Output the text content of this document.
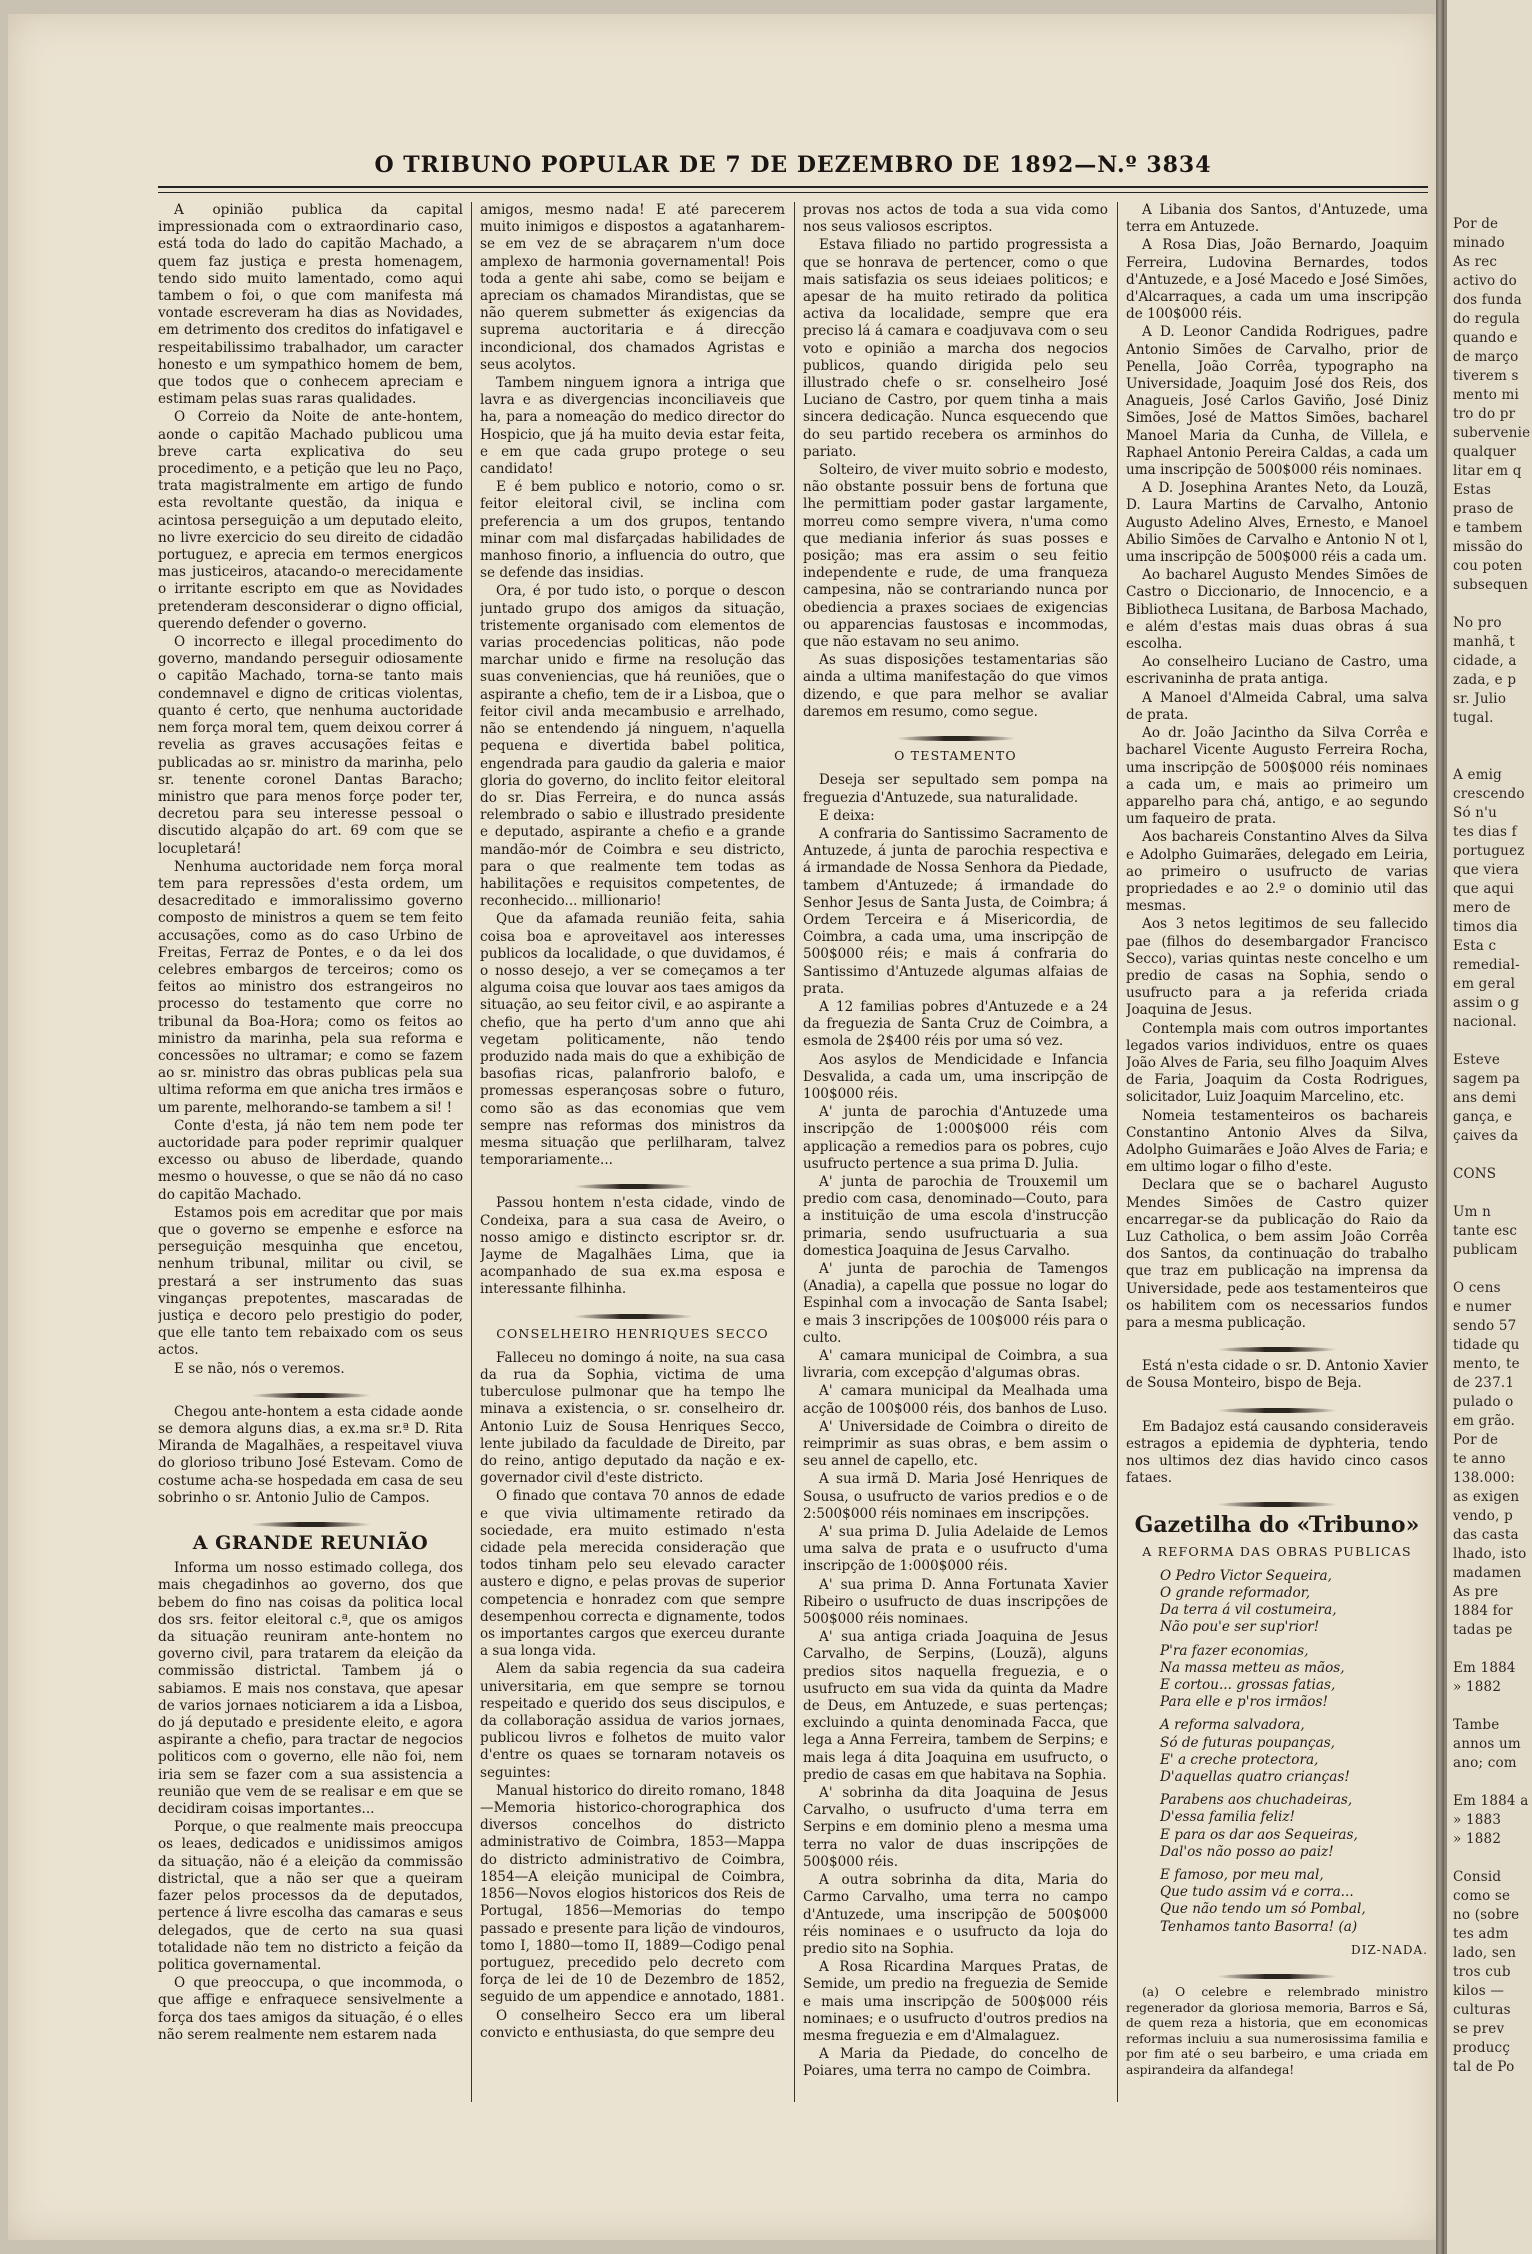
O TRIBUNO POPULAR DE 7 DE DEZEMBRO DE 1892—N.º 3834

A opinião publica da capital impressionada com o extraordinario caso, está toda do lado do capitão Machado, a quem faz justiça e presta homenagem, tendo sido muito lamentado, como aqui tambem o foi, o que com manifesta má vontade escreveram ha dias as Novidades, em detrimento dos creditos do infatigavel e respeitabilissimo trabalhador, um caracter honesto e um sympathico homem de bem, que todos que o conhecem apreciam e estimam pelas suas raras qualidades.

O Correio da Noite de ante-hontem, aonde o capitão Machado publicou uma breve carta explicativa do seu procedimento, e a petição que leu no Paço, trata magistralmente em artigo de fundo esta revoltante questão, da iniqua e acintosa perseguição a um deputado eleito, no livre exercicio do seu direito de cidadão portuguez, e aprecia em termos energicos mas justiceiros, atacando-o merecidamente o irritante escripto em que as Novidades pretenderam desconsiderar o digno official, querendo defender o governo.

O incorrecto e illegal procedimento do governo, mandando perseguir odiosamente o capitão Machado, torna-se tanto mais condemnavel e digno de criticas violentas, quanto é certo, que nenhuma auctoridade nem força moral tem, quem deixou correr á revelia as graves accusações feitas e publicadas ao sr. ministro da marinha, pelo sr. tenente coronel Dantas Baracho; ministro que para menos forçe poder ter, decretou para seu interesse pessoal o discutido alçapão do art. 69 com que se locupletará!

Nenhuma auctoridade nem força moral tem para repressões d'esta ordem, um desacreditado e immoralissimo governo composto de ministros a quem se tem feito accusações, como as do caso Urbino de Freitas, Ferraz de Pontes, e o da lei dos celebres embargos de terceiros; como os feitos ao ministro dos estrangeiros no processo do testamento que corre no tribunal da Boa-Hora; como os feitos ao ministro da marinha, pela sua reforma e concessões no ultramar; e como se fazem ao sr. ministro das obras publicas pela sua ultima reforma em que anicha tres irmãos e um parente, melhorando-se tambem a si! !

Conte d'esta, já não tem nem pode ter auctoridade para poder reprimir qualquer excesso ou abuso de liberdade, quando mesmo o houvesse, o que se não dá no caso do capitão Machado.

Estamos pois em acreditar que por mais que o governo se empenhe e esforce na perseguição mesquinha que encetou, nenhum tribunal, militar ou civil, se prestará a ser instrumento das suas vinganças prepotentes, mascaradas de justiça e decoro pelo prestigio do poder, que elle tanto tem rebaixado com os seus actos.

E se não, nós o veremos.

Chegou ante-hontem a esta cidade aonde se demora alguns dias, a ex.ma sr.ª D. Rita Miranda de Magalhães, a respeitavel viuva do glorioso tribuno José Estevam. Como de costume acha-se hospedada em casa de seu sobrinho o sr. Antonio Julio de Campos.

A GRANDE REUNIÃO

Informa um nosso estimado collega, dos mais chegadinhos ao governo, dos que bebem do fino nas coisas da politica local dos srs. feitor eleitoral c.ª, que os amigos da situação reuniram ante-hontem no governo civil, para tratarem da eleição da commissão districtal. Tambem já o sabiamos. E mais nos constava, que apesar de varios jornaes noticiarem a ida a Lisboa, do já deputado e presidente eleito, e agora aspirante a chefio, para tractar de negocios politicos com o governo, elle não foi, nem iria sem se fazer com a sua assistencia a reunião que vem de se realisar e em que se decidiram coisas importantes...

Porque, o que realmente mais preoccupa os leaes, dedicados e unidissimos amigos da situação, não é a eleição da commissão districtal, que a não ser que a queiram fazer pelos processos da de deputados, pertence á livre escolha das camaras e seus delegados, que de certo na sua quasi totalidade não tem no districto a feição da politica governamental.

O que preoccupa, o que incommoda, o que affige e enfraquece sensivelmente a força dos taes amigos da situação, é o elles não serem realmente nem estarem nada

amigos, mesmo nada! E até parecerem muito inimigos e dispostos a agatanharem-se em vez de se abraçarem n'um doce amplexo de harmonia governamental! Pois toda a gente ahi sabe, como se beijam e apreciam os chamados Mirandistas, que se não querem submetter ás exigencias da suprema auctoritaria e á direcção incondicional, dos chamados Agristas e seus acolytos.

Tambem ninguem ignora a intriga que lavra e as divergencias inconciliaveis que ha, para a nomeação do medico director do Hospicio, que já ha muito devia estar feita, e em que cada grupo protege o seu candidato!

E é bem publico e notorio, como o sr. feitor eleitoral civil, se inclina com preferencia a um dos grupos, tentando minar com mal disfarçadas habilidades de manhoso finorio, a influencia do outro, que se defende das insidias.

Ora, é por tudo isto, o porque o descon juntado grupo dos amigos da situação, tristemente organisado com elementos de varias procedencias politicas, não pode marchar unido e firme na resolução das suas conveniencias, que há reuniões, que o aspirante a chefio, tem de ir a Lisboa, que o feitor civil anda mecambusio e arrelhado, não se entendendo já ninguem, n'aquella pequena e divertida babel politica, engendrada para gaudio da galeria e maior gloria do governo, do inclito feitor eleitoral do sr. Dias Ferreira, e do nunca assás relembrado o sabio e illustrado presidente e deputado, aspirante a chefio e a grande mandão-mór de Coimbra e seu districto, para o que realmente tem todas as habilitações e requisitos competentes, de reconhecido... millionario!

Que da afamada reunião feita, sahia coisa boa e aproveitavel aos interesses publicos da localidade, o que duvidamos, é o nosso desejo, a ver se começamos a ter alguma coisa que louvar aos taes amigos da situação, ao seu feitor civil, e ao aspirante a chefio, que ha perto d'um anno que ahi vegetam politicamente, não tendo produzido nada mais do que a exhibição de basofias ricas, palanfrorio balofo, e promessas esperançosas sobre o futuro, como são as das economias que vem sempre nas reformas dos ministros da mesma situação que perlilharam, talvez temporariamente...

Passou hontem n'esta cidade, vindo de Condeixa, para a sua casa de Aveiro, o nosso amigo e distincto escriptor sr. dr. Jayme de Magalhães Lima, que ia acompanhado de sua ex.ma esposa e interessante filhinha.

CONSELHEIRO HENRIQUES SECCO

Falleceu no domingo á noite, na sua casa da rua da Sophia, victima de uma tuberculose pulmonar que ha tempo lhe minava a existencia, o sr. conselheiro dr. Antonio Luiz de Sousa Henriques Secco, lente jubilado da faculdade de Direito, par do reino, antigo deputado da nação e ex-governador civil d'este districto.

O finado que contava 70 annos de edade e que vivia ultimamente retirado da sociedade, era muito estimado n'esta cidade pela merecida consideração que todos tinham pelo seu elevado caracter austero e digno, e pelas provas de superior competencia e honradez com que sempre desempenhou correcta e dignamente, todos os importantes cargos que exerceu durante a sua longa vida.

Alem da sabia regencia da sua cadeira universitaria, em que sempre se tornou respeitado e querido dos seus discipulos, e da collaboração assidua de varios jornaes, publicou livros e folhetos de muito valor d'entre os quaes se tornaram notaveis os seguintes:

Manual historico do direito romano, 1848—Memoria historico-chorographica dos diversos concelhos do districto administrativo de Coimbra, 1853—Mappa do districto administrativo de Coimbra, 1854—A eleição municipal de Coimbra, 1856—Novos elogios historicos dos Reis de Portugal, 1856—Memorias do tempo passado e presente para lição de vindouros, tomo I, 1880—tomo II, 1889—Codigo penal portuguez, precedido pelo decreto com força de lei de 10 de Dezembro de 1852, seguido de um appendice e annotado, 1881.

O conselheiro Secco era um liberal convicto e enthusiasta, do que sempre deu

provas nos actos de toda a sua vida como nos seus valiosos escriptos.

Estava filiado no partido progressista a que se honrava de pertencer, como o que mais satisfazia os seus ideiaes politicos; e apesar de ha muito retirado da politica activa da localidade, sempre que era preciso lá á camara e coadjuvava com o seu voto e opinião a marcha dos negocios publicos, quando dirigida pelo seu illustrado chefe o sr. conselheiro José Luciano de Castro, por quem tinha a mais sincera dedicação. Nunca esquecendo que do seu partido recebera os arminhos do pariato.

Solteiro, de viver muito sobrio e modesto, não obstante possuir bens de fortuna que lhe permittiam poder gastar largamente, morreu como sempre vivera, n'uma como que mediania inferior ás suas posses e posição; mas era assim o seu feitio independente e rude, de uma franqueza campesina, não se contrariando nunca por obediencia a praxes sociaes de exigencias ou apparencias faustosas e incommodas, que não estavam no seu animo.

As suas disposições testamentarias são ainda a ultima manifestação do que vimos dizendo, e que para melhor se avaliar daremos em resumo, como segue.

O TESTAMENTO

Deseja ser sepultado sem pompa na freguezia d'Antuzede, sua naturalidade.

E deixa:

A confraria do Santissimo Sacramento de Antuzede, á junta de parochia respectiva e á irmandade de Nossa Senhora da Piedade, tambem d'Antuzede; á irmandade do Senhor Jesus de Santa Justa, de Coimbra; á Ordem Terceira e á Misericordia, de Coimbra, a cada uma, uma inscripção de 500$000 réis; e mais á confraria do Santissimo d'Antuzede algumas alfaias de prata.

A 12 familias pobres d'Antuzede e a 24 da freguezia de Santa Cruz de Coimbra, a esmola de 2$400 réis por uma só vez.

Aos asylos de Mendicidade e Infancia Desvalida, a cada um, uma inscripção de 100$000 réis.

A' junta de parochia d'Antuzede uma inscripção de 1:000$000 réis com applicação a remedios para os pobres, cujo usufructo pertence a sua prima D. Julia.

A' junta de parochia de Trouxemil um predio com casa, denominado—Couto, para a instituição de uma escola d'instrucção primaria, sendo usufructuaria a sua domestica Joaquina de Jesus Carvalho.

A' junta de parochia de Tamengos (Anadia), a capella que possue no logar do Espinhal com a invocação de Santa Isabel; e mais 3 inscripções de 100$000 réis para o culto.

A' camara municipal de Coimbra, a sua livraria, com excepção d'algumas obras.

A' camara municipal da Mealhada uma acção de 100$000 réis, dos banhos de Luso.

A' Universidade de Coimbra o direito de reimprimir as suas obras, e bem assim o seu annel de capello, etc.

A sua irmã D. Maria José Henriques de Sousa, o usufructo de varios predios e o de 2:500$000 réis nominaes em inscripções.

A' sua prima D. Julia Adelaide de Lemos uma salva de prata e o usufructo d'uma inscripção de 1:000$000 réis.

A' sua prima D. Anna Fortunata Xavier Ribeiro o usufructo de duas inscripções de 500$000 réis nominaes.

A' sua antiga criada Joaquina de Jesus Carvalho, de Serpins, (Louzã), alguns predios sitos naquella freguezia, e o usufructo em sua vida da quinta da Madre de Deus, em Antuzede, e suas pertenças; excluindo a quinta denominada Facca, que lega a Anna Ferreira, tambem de Serpins; e mais lega á dita Joaquina em usufructo, o predio de casas em que habitava na Sophia.

A' sobrinha da dita Joaquina de Jesus Carvalho, o usufructo d'uma terra em Serpins e em dominio pleno a mesma uma terra no valor de duas inscripções de 500$000 réis.

A outra sobrinha da dita, Maria do Carmo Carvalho, uma terra no campo d'Antuzede, uma inscripção de 500$000 réis nominaes e o usufructo da loja do predio sito na Sophia.

A Rosa Ricardina Marques Pratas, de Semide, um predio na freguezia de Semide e mais uma inscripção de 500$000 réis nominaes; e o usufructo d'outros predios na mesma freguezia e em d'Almalaguez.

A Maria da Piedade, do concelho de Poiares, uma terra no campo de Coimbra.

A Libania dos Santos, d'Antuzede, uma terra em Antuzede.

A Rosa Dias, João Bernardo, Joaquim Ferreira, Ludovina Bernardes, todos d'Antuzede, e a José Macedo e José Simões, d'Alcarraques, a cada um uma inscripção de 100$000 réis.

A D. Leonor Candida Rodrigues, padre Antonio Simões de Carvalho, prior de Penella, João Corrêa, typographo na Universidade, Joaquim José dos Reis, dos Anagueis, José Carlos Gaviño, José Diniz Simões, José de Mattos Simões, bacharel Manoel Maria da Cunha, de Villela, e Raphael Antonio Pereira Caldas, a cada um uma inscripção de 500$000 réis nominaes.

A D. Josephina Arantes Neto, da Louzã, D. Laura Martins de Carvalho, Antonio Augusto Adelino Alves, Ernesto, e Manoel Abilio Simões de Carvalho e Antonio N ot l, uma inscripção de 500$000 réis a cada um.

Ao bacharel Augusto Mendes Simões de Castro o Diccionario, de Innocencio, e a Bibliotheca Lusitana, de Barbosa Machado, e além d'estas mais duas obras á sua escolha.

Ao conselheiro Luciano de Castro, uma escrivaninha de prata antiga.

A Manoel d'Almeida Cabral, uma salva de prata.

Ao dr. João Jacintho da Silva Corrêa e bacharel Vicente Augusto Ferreira Rocha, uma inscripção de 500$000 réis nominaes a cada um, e mais ao primeiro um apparelho para chá, antigo, e ao segundo um faqueiro de prata.

Aos bachareis Constantino Alves da Silva e Adolpho Guimarães, delegado em Leiria, ao primeiro o usufructo de varias propriedades e ao 2.º o dominio util das mesmas.

Aos 3 netos legitimos de seu fallecido pae (filhos do desembargador Francisco Secco), varias quintas neste concelho e um predio de casas na Sophia, sendo o usufructo para a ja referida criada Joaquina de Jesus.

Contempla mais com outros importantes legados varios individuos, entre os quaes João Alves de Faria, seu filho Joaquim Alves de Faria, Joaquim da Costa Rodrigues, solicitador, Luiz Joaquim Marcelino, etc.

Nomeia testamenteiros os bachareis Constantino Antonio Alves da Silva, Adolpho Guimarães e João Alves de Faria; e em ultimo logar o filho d'este.

Declara que se o bacharel Augusto Mendes Simões de Castro quizer encarregar-se da publicação do Raio da Luz Catholica, o bem assim João Corrêa dos Santos, da continuação do trabalho que traz em publicação na imprensa da Universidade, pede aos testamenteiros que os habilitem com os necessarios fundos para a mesma publicação.

Está n'esta cidade o sr. D. Antonio Xavier de Sousa Monteiro, bispo de Beja.

Em Badajoz está causando consideraveis estragos a epidemia de dyphteria, tendo nos ultimos dez dias havido cinco casos fataes.

Gazetilha do «Tribuno»
A REFORMA DAS OBRAS PUBLICAS

O Pedro Victor Sequeira,

O grande reformador,

Da terra á vil costumeira,

Não pou'e ser sup'rior!

P'ra fazer economias,

Na massa metteu as mãos,

E cortou... grossas fatias,

Para elle e p'ros irmãos!

A reforma salvadora,

Só de futuras poupanças,

E' a creche protectora,

D'aquellas quatro crianças!

Parabens aos chuchadeiras,

D'essa familia feliz!

E para os dar aos Sequeiras,

Dal'os não posso ao paiz!

E famoso, por meu mal,

Que tudo assim vá e corra...

Que não tendo um só Pombal,

Tenhamos tanto Basorra! (a)

DIZ-NADA.

(a) O celebre e relembrado ministro regenerador da gloriosa memoria, Barros e Sá, de quem reza a historia, que em economicas reformas incluiu a sua numerosissima familia e por fim até o seu barbeiro, e uma criada em aspirandeira da alfandega!

Por de
minado
As rec
activo do
dos funda
do regula
quando e
de março
tiverem s
mento mi
tro do pr
subervenie
qualquer
litar em q
Estas
praso de
e tambem
missão do
cou poten
subsequen
No pro
manhã, t
cidade, a
zada, e p
sr. Julio
tugal.
A emig
crescendo
Só n'u
tes dias f
portuguez
que viera
que aqui
mero de
timos dia
Esta c
remedial-
em geral
assim o g
nacional.
Esteve
sagem pa
ans demi
gança, e
çaives da
CONS
Um n
tante esc
publicam
O cens
e numer
sendo 57
tidade qu
mento, te
de 237.1
pulado o
em grão.
Por de
te anno
138.000:
as exigen
vendo, p
das casta
lhado, isto
madamen
As pre
1884 for
tadas pe
Em 1884
» 1882
Tambe
annos um
ano; com
Em 1884 a
» 1883
» 1882
Consid
como se
no (sobre
tes adm
lado, sen
tros cub
kilos —
culturas
se prev
producç
tal de Po
